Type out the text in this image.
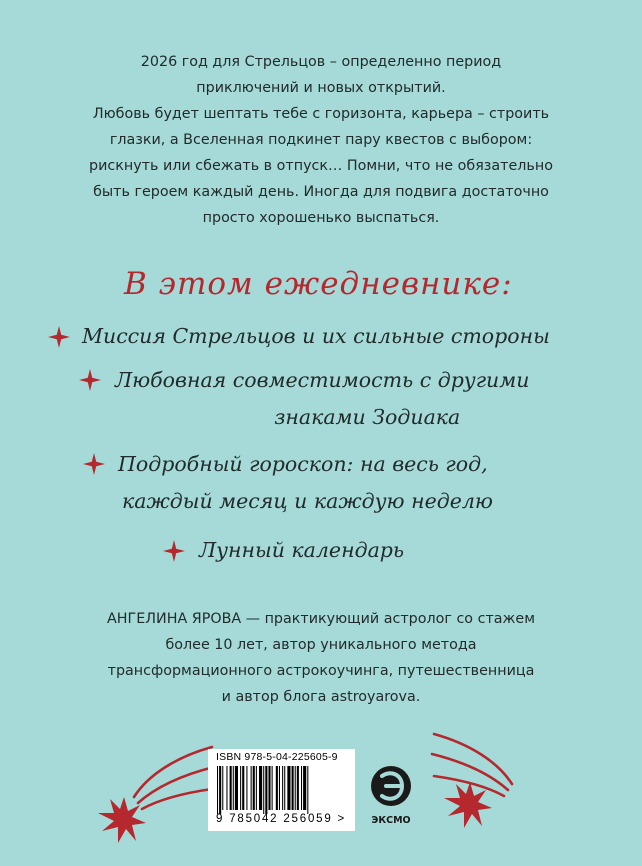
2026 год для Стрельцов – определенно период
приключений и новых открытий.
Любовь будет шептать тебе с горизонта, карьера – строить
глазки, а Вселенная подкинет пару квестов с выбором:
рискнуть или сбежать в отпуск… Помни, что не обязательно
быть героем каждый день. Иногда для подвига достаточно
просто хорошенько выспаться.
В этом ежедневнике:
Миссия Стрельцов и их сильные стороны
Любовная совместимость с другими
знаками Зодиака
Подробный гороскоп: на весь год,
каждый месяц и каждую неделю
Лунный календарь
АНГЕЛИНА ЯРОВА — практикующий астролог со стажем
более 10 лет, автор уникального метода
трансформационного астрокоучинга, путешественница
и автор блога astroyarova.
ISBN 978-5-04-225605-9
9 785042 256059 >	ЭКСМО
